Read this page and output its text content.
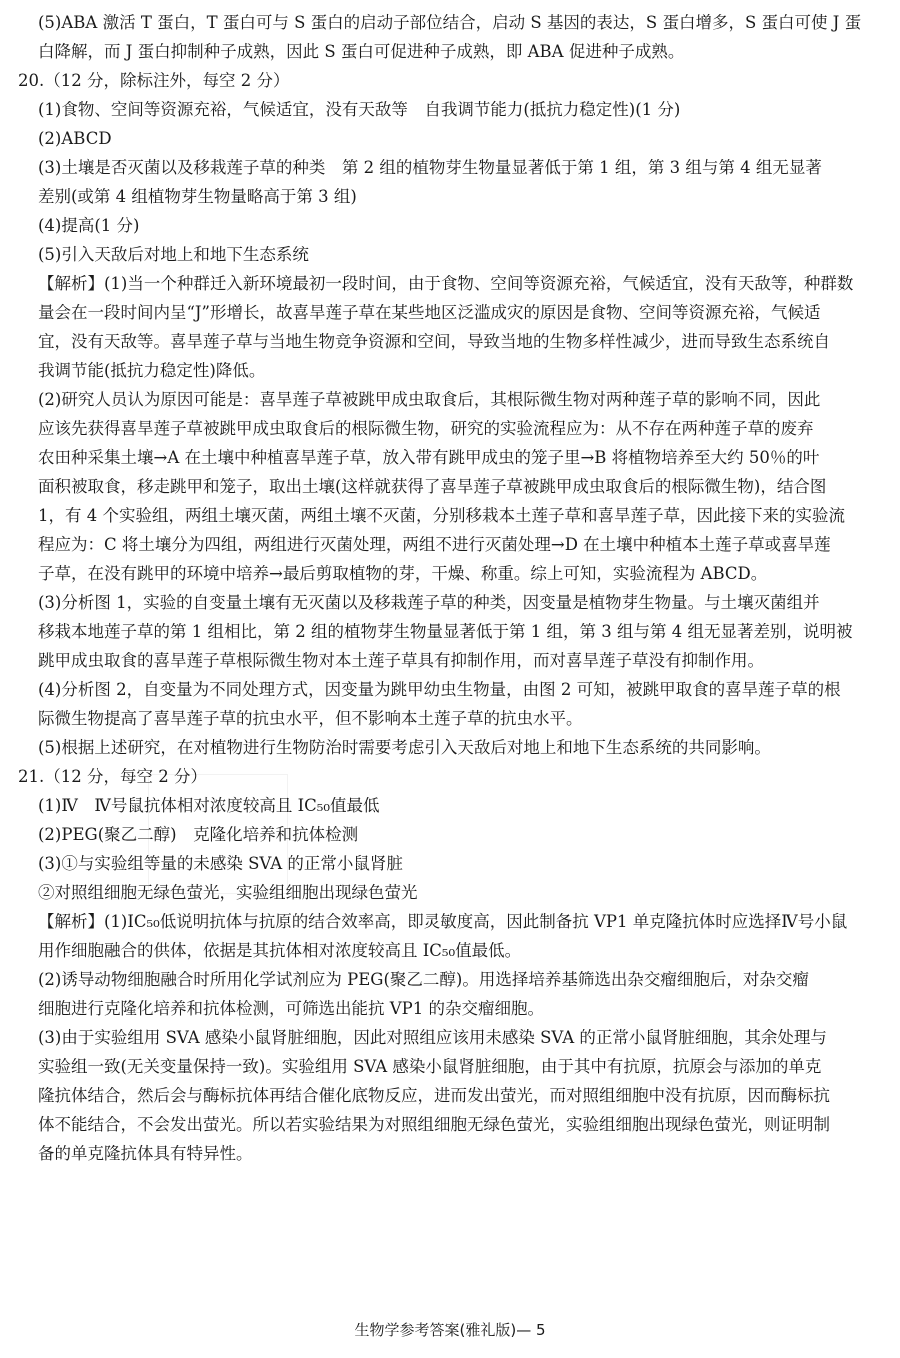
(5)ABA 激活 T 蛋白，T 蛋白可与 S 蛋白的启动子部位结合，启动 S 基因的表达，S 蛋白增多，S 蛋白可使 J 蛋
白降解，而 J 蛋白抑制种子成熟，因此 S 蛋白可促进种子成熟，即 ABA 促进种子成熟。
20.（12 分，除标注外，每空 2 分）
(1)食物、空间等资源充裕，气候适宜，没有天敌等　自我调节能力(抵抗力稳定性)(1 分)
(2)ABCD
(3)土壤是否灭菌以及移栽莲子草的种类　第 2 组的植物芽生物量显著低于第 1 组，第 3 组与第 4 组无显著
差别(或第 4 组植物芽生物量略高于第 3 组)
(4)提高(1 分)
(5)引入天敌后对地上和地下生态系统
【解析】(1)当一个种群迁入新环境最初一段时间，由于食物、空间等资源充裕，气候适宜，没有天敌等，种群数
量会在一段时间内呈“J”形增长，故喜旱莲子草在某些地区泛滥成灾的原因是食物、空间等资源充裕，气候适
宜，没有天敌等。喜旱莲子草与当地生物竞争资源和空间，导致当地的生物多样性减少，进而导致生态系统自
我调节能(抵抗力稳定性)降低。
(2)研究人员认为原因可能是：喜旱莲子草被跳甲成虫取食后，其根际微生物对两种莲子草的影响不同，因此
应该先获得喜旱莲子草被跳甲成虫取食后的根际微生物，研究的实验流程应为：从不存在两种莲子草的废弃
农田种采集土壤→A 在土壤中种植喜旱莲子草，放入带有跳甲成虫的笼子里→B 将植物培养至大约 50％的叶
面积被取食，移走跳甲和笼子，取出土壤(这样就获得了喜旱莲子草被跳甲成虫取食后的根际微生物)，结合图
1，有 4 个实验组，两组土壤灭菌，两组土壤不灭菌，分别移栽本土莲子草和喜旱莲子草，因此接下来的实验流
程应为：C 将土壤分为四组，两组进行灭菌处理，两组不进行灭菌处理→D 在土壤中种植本土莲子草或喜旱莲
子草，在没有跳甲的环境中培养→最后剪取植物的芽，干燥、称重。综上可知，实验流程为 ABCD。
(3)分析图 1，实验的自变量土壤有无灭菌以及移栽莲子草的种类，因变量是植物芽生物量。与土壤灭菌组并
移栽本地莲子草的第 1 组相比，第 2 组的植物芽生物量显著低于第 1 组，第 3 组与第 4 组无显著差别，说明被
跳甲成虫取食的喜旱莲子草根际微生物对本土莲子草具有抑制作用，而对喜旱莲子草没有抑制作用。
(4)分析图 2，自变量为不同处理方式，因变量为跳甲幼虫生物量，由图 2 可知，被跳甲取食的喜旱莲子草的根
际微生物提高了喜旱莲子草的抗虫水平，但不影响本土莲子草的抗虫水平。
(5)根据上述研究，在对植物进行生物防治时需要考虑引入天敌后对地上和地下生态系统的共同影响。
21.（12 分，每空 2 分）
(1)Ⅳ　Ⅳ号鼠抗体相对浓度较高且 IC₅₀值最低
(2)PEG(聚乙二醇)　克隆化培养和抗体检测
(3)①与实验组等量的未感染 SVA 的正常小鼠肾脏
②对照组细胞无绿色萤光，实验组细胞出现绿色萤光
【解析】(1)IC₅₀低说明抗体与抗原的结合效率高，即灵敏度高，因此制备抗 VP1 单克隆抗体时应选择Ⅳ号小鼠
用作细胞融合的供体，依据是其抗体相对浓度较高且 IC₅₀值最低。
(2)诱导动物细胞融合时所用化学试剂应为 PEG(聚乙二醇)。用选择培养基筛选出杂交瘤细胞后，对杂交瘤
细胞进行克隆化培养和抗体检测，可筛选出能抗 VP1 的杂交瘤细胞。
(3)由于实验组用 SVA 感染小鼠肾脏细胞，因此对照组应该用未感染 SVA 的正常小鼠肾脏细胞，其余处理与
实验组一致(无关变量保持一致)。实验组用 SVA 感染小鼠肾脏细胞，由于其中有抗原，抗原会与添加的单克
隆抗体结合，然后会与酶标抗体再结合催化底物反应，进而发出萤光，而对照组细胞中没有抗原，因而酶标抗
体不能结合，不会发出萤光。所以若实验结果为对照组细胞无绿色萤光，实验组细胞出现绿色萤光，则证明制
备的单克隆抗体具有特异性。
生物学参考答案(雅礼版)— 5
